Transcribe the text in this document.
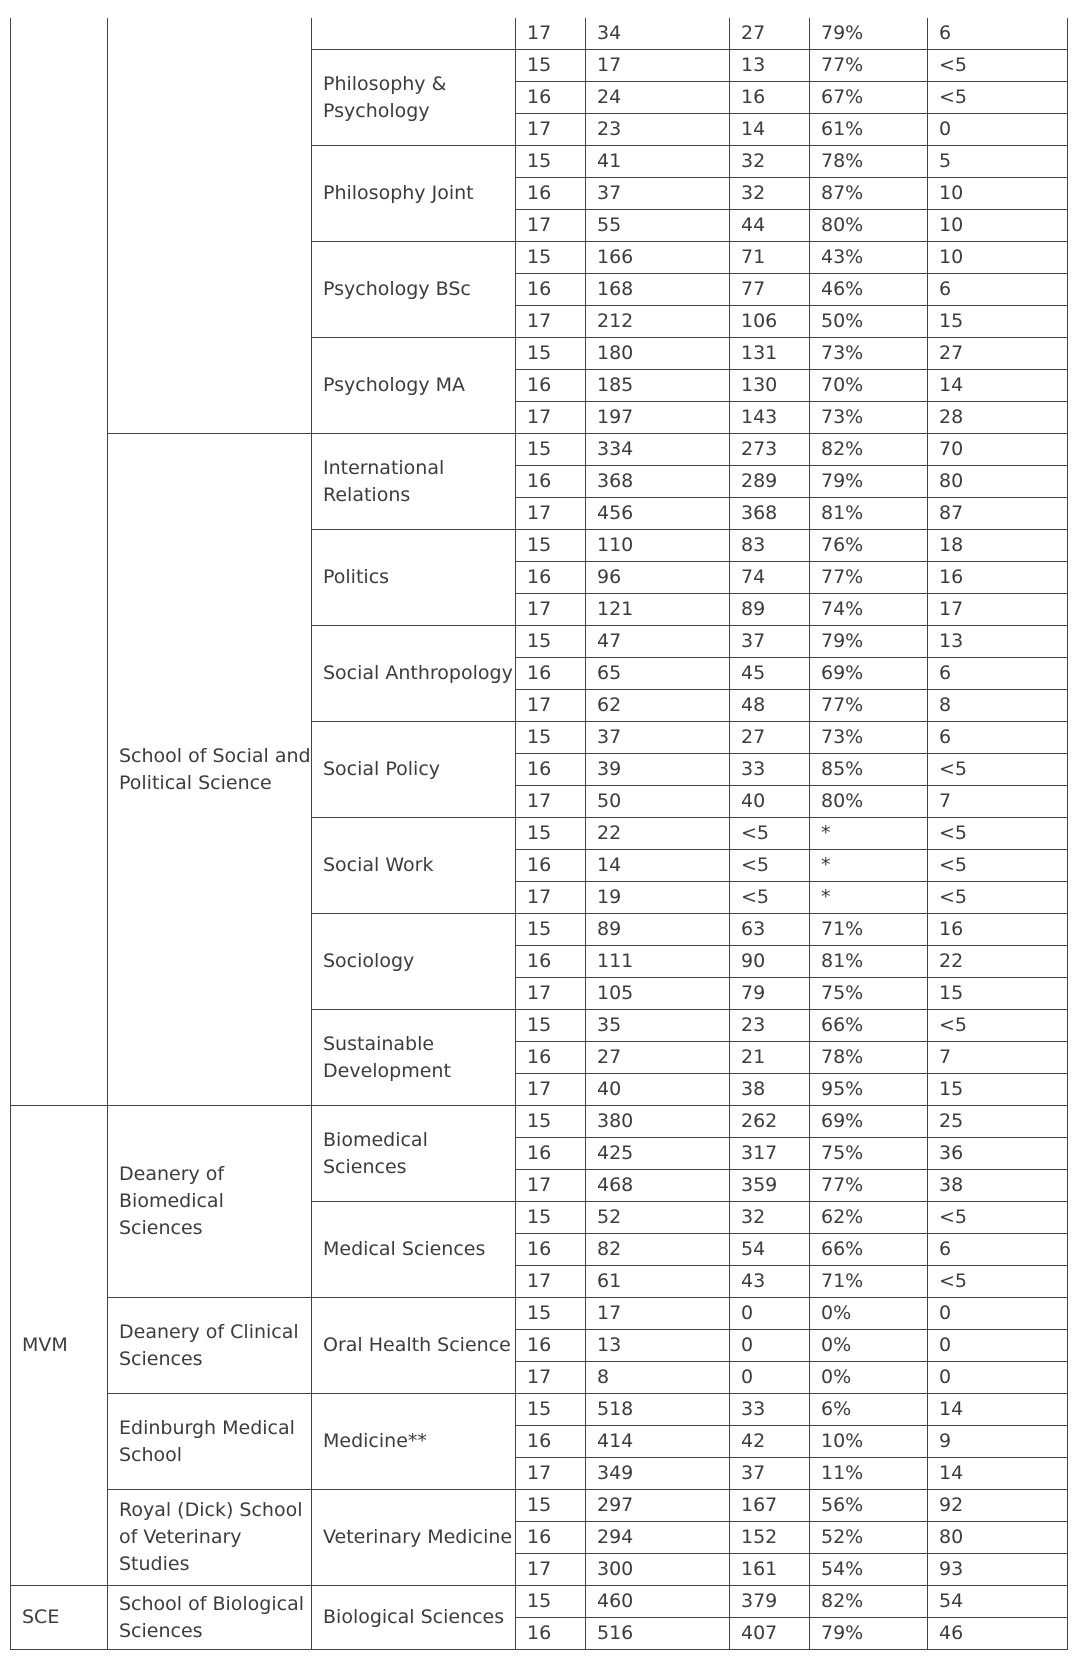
			17	34	27	79%	6
		Philosophy & Psychology	15	17	13	77%	<5
			16	24	16	67%	<5
			17	23	14	61%	0
		Philosophy Joint	15	41	32	78%	5
			16	37	32	87%	10
			17	55	44	80%	10
		Psychology BSc	15	166	71	43%	10
			16	168	77	46%	6
			17	212	106	50%	15
		Psychology MA	15	180	131	73%	27
			16	185	130	70%	14
			17	197	143	73%	28
	School of Social and Political Science	International Relations	15	334	273	82%	70
			16	368	289	79%	80
			17	456	368	81%	87
		Politics	15	110	83	76%	18
			16	96	74	77%	16
			17	121	89	74%	17
		Social Anthropology	15	47	37	79%	13
			16	65	45	69%	6
			17	62	48	77%	8
		Social Policy	15	37	27	73%	6
			16	39	33	85%	<5
			17	50	40	80%	7
		Social Work	15	22	<5	*	<5
			16	14	<5	*	<5
			17	19	<5	*	<5
		Sociology	15	89	63	71%	16
			16	111	90	81%	22
			17	105	79	75%	15
		Sustainable Development	15	35	23	66%	<5
			16	27	21	78%	7
			17	40	38	95%	15
MVM	Deanery of Biomedical Sciences	Biomedical Sciences	15	380	262	69%	25
			16	425	317	75%	36
			17	468	359	77%	38
		Medical Sciences	15	52	32	62%	<5
			16	82	54	66%	6
			17	61	43	71%	<5
	Deanery of Clinical Sciences	Oral Health Science	15	17	0	0%	0
			16	13	0	0%	0
			17	8	0	0%	0
	Edinburgh Medical School	Medicine**	15	518	33	6%	14
			16	414	42	10%	9
			17	349	37	11%	14
	Royal (Dick) School of Veterinary Studies	Veterinary Medicine	15	297	167	56%	92
			16	294	152	52%	80
			17	300	161	54%	93
SCE	School of Biological Sciences	Biological Sciences	15	460	379	82%	54
			16	516	407	79%	46
